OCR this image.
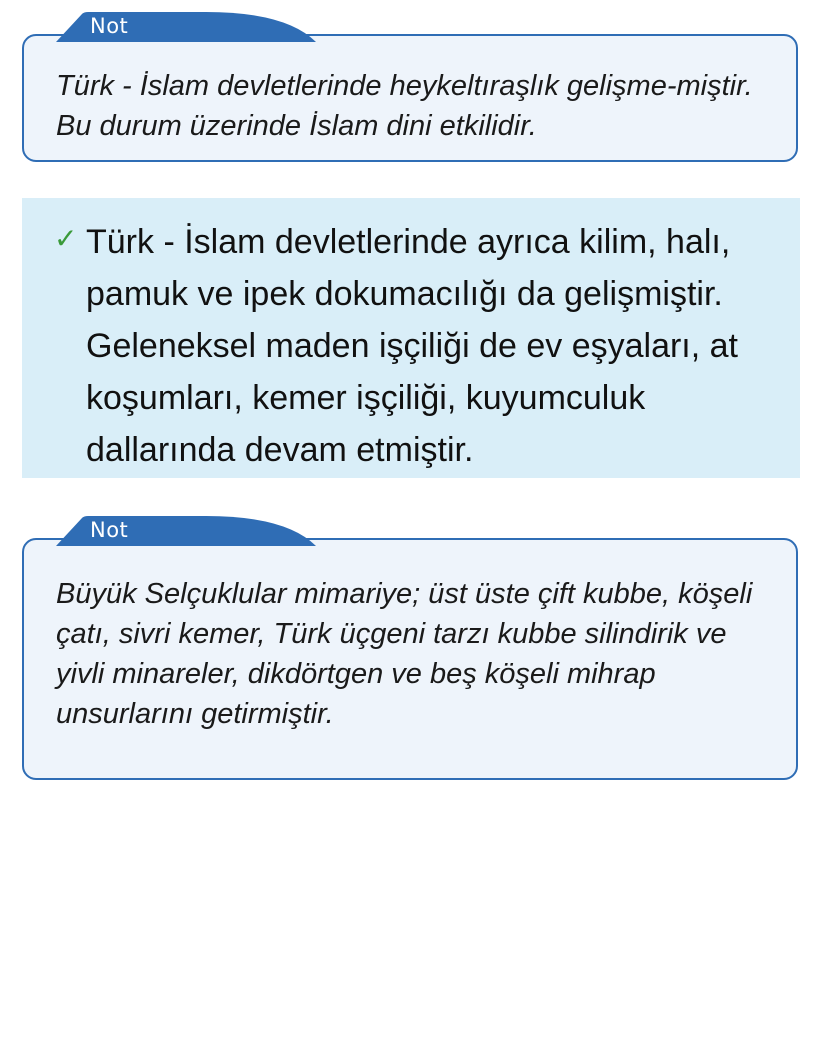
Türk - İslam devletlerinde heykeltıraşlık gelişme-miştir. Bu durum üzerinde İslam dini etkilidir.

Not
✓ Türk - İslam devletlerinde ayrıca kilim, halı, pamuk ve ipek dokumacılığı da gelişmiştir. Geleneksel maden işçiliği de ev eşyaları, at koşumları, kemer işçiliği, kuyumculuk dallarında devam etmiştir.

Büyük Selçuklular mimariye; üst üste çift kubbe, köşeli çatı, sivri kemer, Türk üçgeni tarzı kubbe silindirik ve yivli minareler, dikdörtgen ve beş köşeli mihrap unsurlarını getirmiştir.

Not
